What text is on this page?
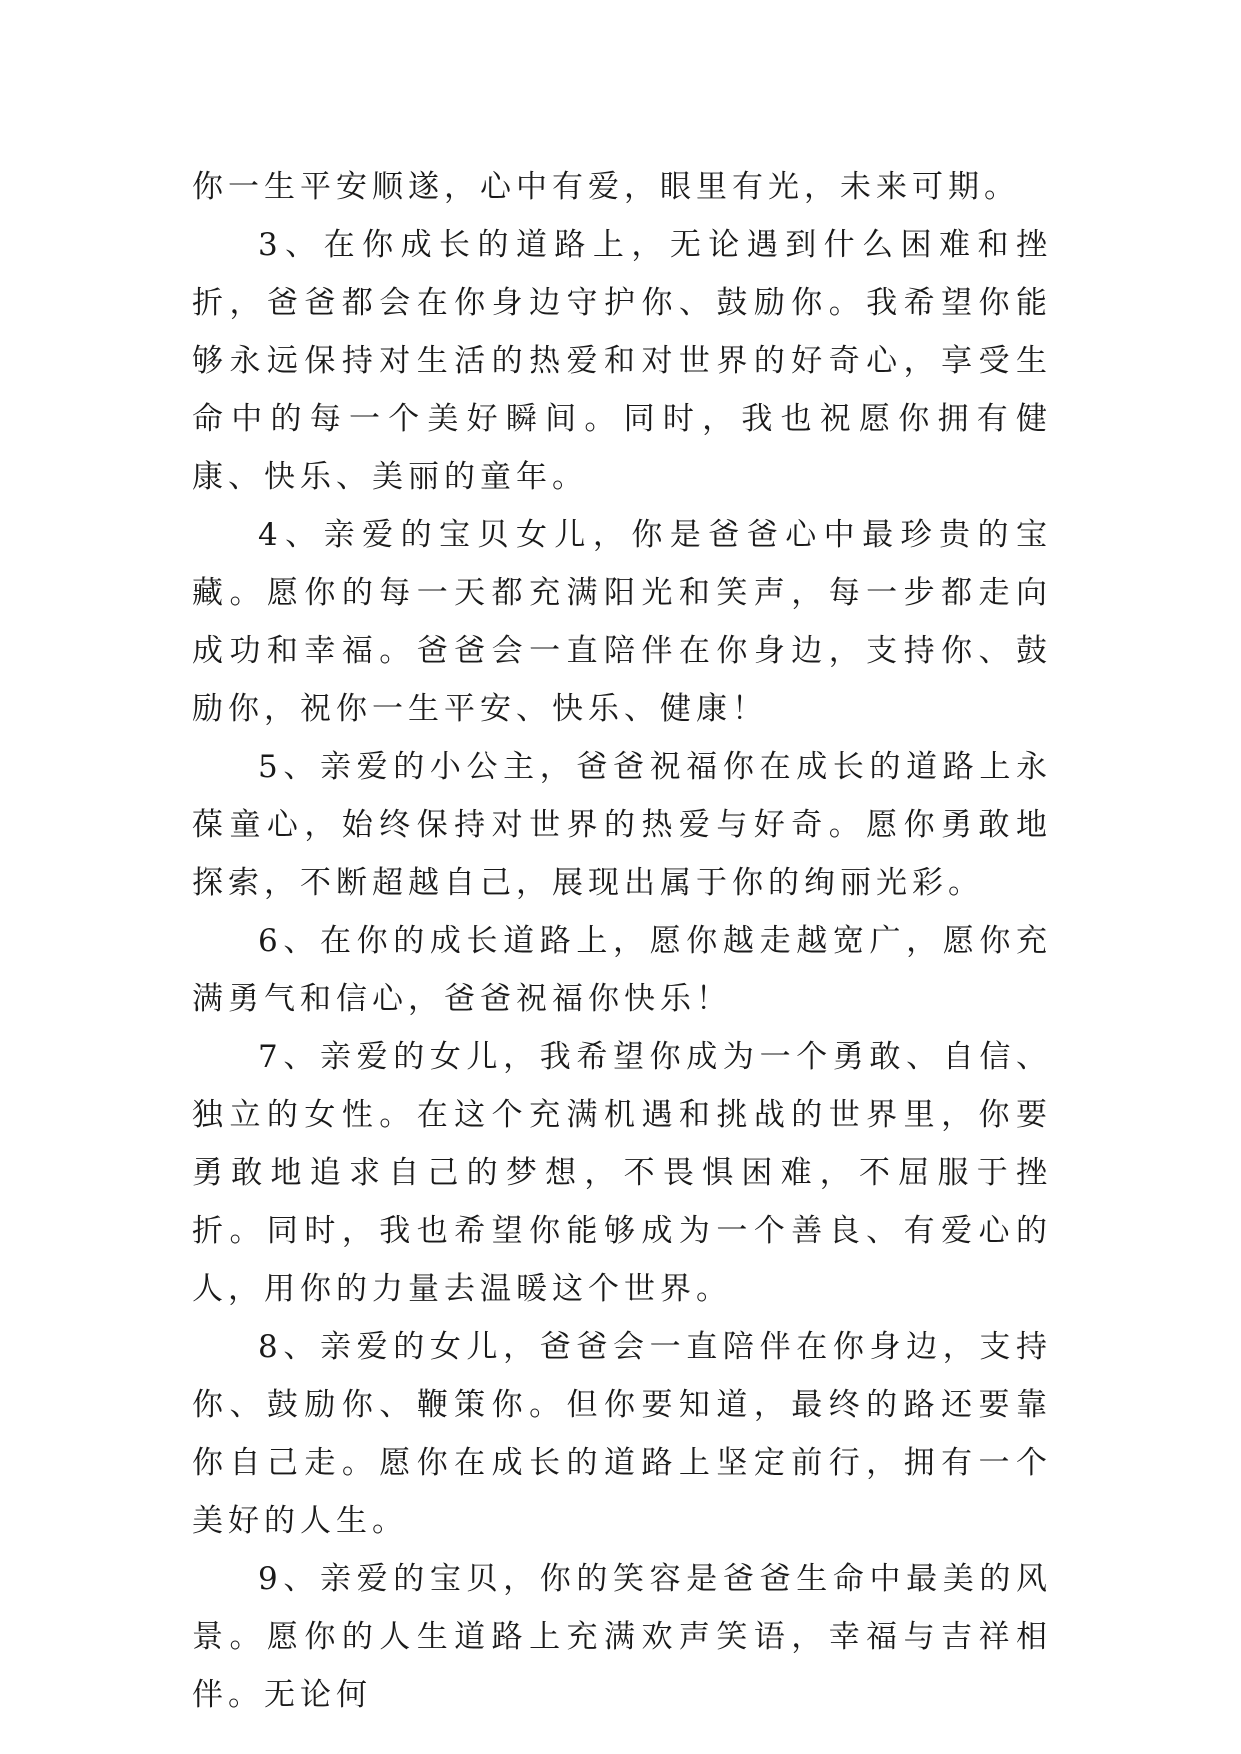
你一生平安顺遂，心中有爱，眼里有光，未来可期。

3、在你成长的道路上，无论遇到什么困难和挫折，爸爸都会在你身边守护你、鼓励你。我希望你能够永远保持对生活的热爱和对世界的好奇心，享受生命中的每一个美好瞬间。同时，我也祝愿你拥有健康、快乐、美丽的童年。

4、亲爱的宝贝女儿，你是爸爸心中最珍贵的宝藏。愿你的每一天都充满阳光和笑声，每一步都走向成功和幸福。爸爸会一直陪伴在你身边，支持你、鼓励你，祝你一生平安、快乐、健康！

5、亲爱的小公主，爸爸祝福你在成长的道路上永葆童心，始终保持对世界的热爱与好奇。愿你勇敢地探索，不断超越自己，展现出属于你的绚丽光彩。

6、在你的成长道路上，愿你越走越宽广，愿你充满勇气和信心，爸爸祝福你快乐！

7、亲爱的女儿，我希望你成为一个勇敢、自信、独立的女性。在这个充满机遇和挑战的世界里，你要勇敢地追求自己的梦想，不畏惧困难，不屈服于挫折。同时，我也希望你能够成为一个善良、有爱心的人，用你的力量去温暖这个世界。

8、亲爱的女儿，爸爸会一直陪伴在你身边，支持你、鼓励你、鞭策你。但你要知道，最终的路还要靠你自己走。愿你在成长的道路上坚定前行，拥有一个美好的人生。

9、亲爱的宝贝，你的笑容是爸爸生命中最美的风景。愿你的人生道路上充满欢声笑语，幸福与吉祥相伴。无论何
